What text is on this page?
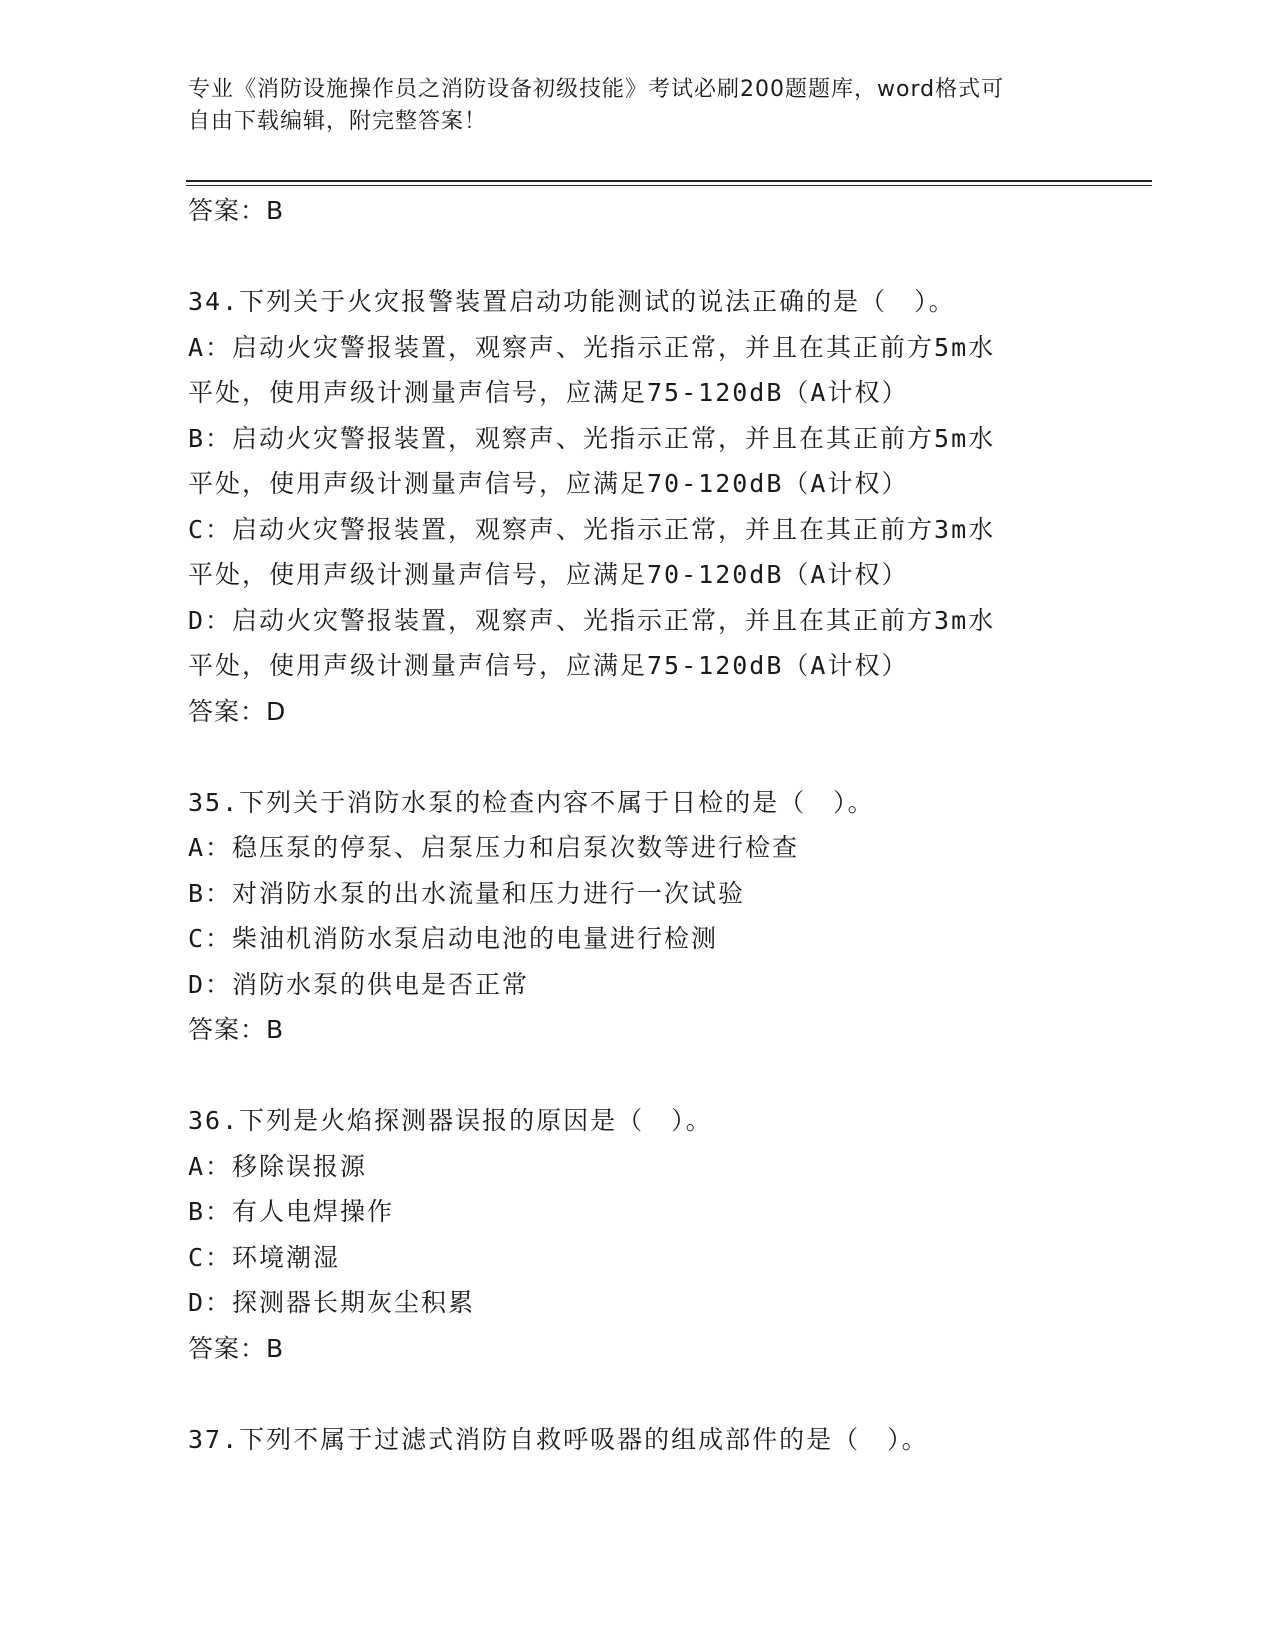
专业《消防设施操作员之消防设备初级技能》考试必刷200题题库，word格式可
自由下载编辑，附完整答案！
答案：B
34.下列关于火灾报警装置启动功能测试的说法正确的是（　）。
A：启动火灾警报装置，观察声、光指示正常，并且在其正前方5m水
平处，使用声级计测量声信号，应满足75-120dB（A计权）
B：启动火灾警报装置，观察声、光指示正常，并且在其正前方5m水
平处，使用声级计测量声信号，应满足70-120dB（A计权）
C：启动火灾警报装置，观察声、光指示正常，并且在其正前方3m水
平处，使用声级计测量声信号，应满足70-120dB（A计权）
D：启动火灾警报装置，观察声、光指示正常，并且在其正前方3m水
平处，使用声级计测量声信号，应满足75-120dB（A计权）
答案：D
35.下列关于消防水泵的检查内容不属于日检的是（　）。
A：稳压泵的停泵、启泵压力和启泵次数等进行检查
B：对消防水泵的出水流量和压力进行一次试验
C：柴油机消防水泵启动电池的电量进行检测
D：消防水泵的供电是否正常
答案：B
36.下列是火焰探测器误报的原因是（　）。
A：移除误报源
B：有人电焊操作
C：环境潮湿
D：探测器长期灰尘积累
答案：B
37.下列不属于过滤式消防自救呼吸器的组成部件的是（　）。
